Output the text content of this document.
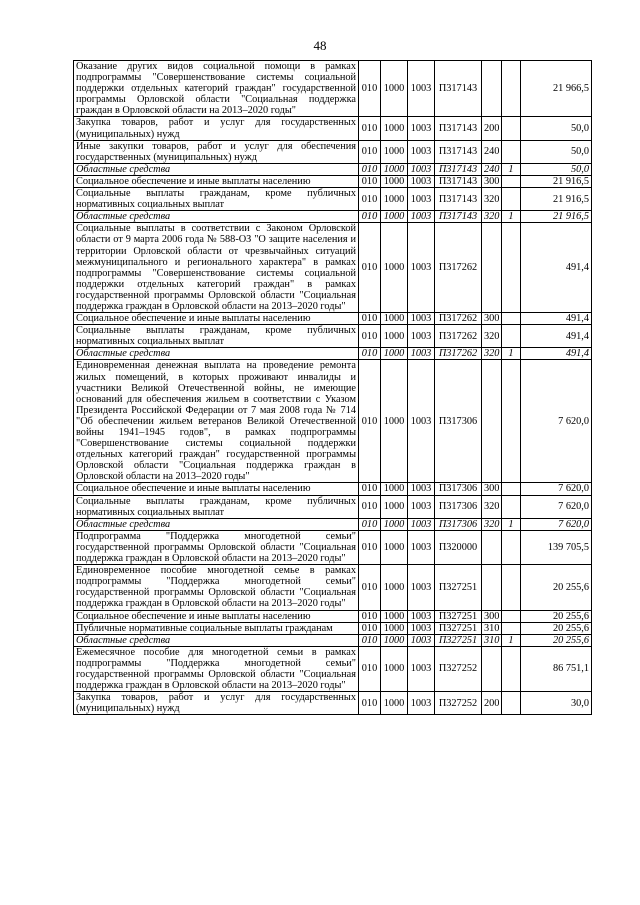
48
Оказание других видов социальной помощи в рамках подпрограммы "Совершенствование системы социальной поддержки отдельных категорий граждан" государственной программы Орловской области "Социальная поддержка граждан в Орловской области на 2013–2020 годы"	010	1000	1003	П317143			21 966,5
Закупка товаров, работ и услуг для государственных (муниципальных) нужд	010	1000	1003	П317143	200		50,0
Иные закупки товаров, работ и услуг для обеспечения государственных (муниципальных) нужд	010	1000	1003	П317143	240		50,0
Областные средства	010	1000	1003	П317143	240	1	50,0
Социальное обеспечение и иные выплаты населению	010	1000	1003	П317143	300		21 916,5
Социальные выплаты гражданам, кроме публичных нормативных социальных выплат	010	1000	1003	П317143	320		21 916,5
Областные средства	010	1000	1003	П317143	320	1	21 916,5
Социальные выплаты в соответствии с Законом Орловской области от 9 марта 2006 года № 588-ОЗ "О защите населения и территории Орловской области от чрезвычайных ситуаций межмуниципального и регионального характера" в рамках подпрограммы "Совершенствование системы социальной поддержки отдельных категорий граждан" в рамках государственной программы Орловской области "Социальная поддержка граждан в Орловской области на 2013–2020 годы"	010	1000	1003	П317262			491,4
Социальное обеспечение и иные выплаты населению	010	1000	1003	П317262	300		491,4
Социальные выплаты гражданам, кроме публичных нормативных социальных выплат	010	1000	1003	П317262	320		491,4
Областные средства	010	1000	1003	П317262	320	1	491,4
Единовременная денежная выплата на проведение ремонта жилых помещений, в которых проживают инвалиды и участники Великой Отечественной войны, не имеющие оснований для обеспечения жильем в соответствии с Указом Президента Российской Федерации от 7 мая 2008 года № 714 "Об обеспечении жильем ветеранов Великой Отечественной войны 1941–1945 годов", в рамках подпрограммы "Совершенствование системы социальной поддержки отдельных категорий граждан" государственной программы Орловской области "Социальная поддержка граждан в Орловской области на 2013–2020 годы"	010	1000	1003	П317306			7 620,0
Социальное обеспечение и иные выплаты населению	010	1000	1003	П317306	300		7 620,0
Социальные выплаты гражданам, кроме публичных нормативных социальных выплат	010	1000	1003	П317306	320		7 620,0
Областные средства	010	1000	1003	П317306	320	1	7 620,0
Подпрограмма "Поддержка многодетной семьи" государственной программы Орловской области "Социальная поддержка граждан в Орловской области на 2013–2020 годы"	010	1000	1003	П320000			139 705,5
Единовременное пособие многодетной семье в рамках подпрограммы "Поддержка многодетной семьи" государственной программы Орловской области "Социальная поддержка граждан в Орловской области на 2013–2020 годы"	010	1000	1003	П327251			20 255,6
Социальное обеспечение и иные выплаты населению	010	1000	1003	П327251	300		20 255,6
Публичные нормативные социальные выплаты гражданам	010	1000	1003	П327251	310		20 255,6
Областные средства	010	1000	1003	П327251	310	1	20 255,6
Ежемесячное пособие для многодетной семьи в рамках подпрограммы "Поддержка многодетной семьи" государственной программы Орловской области "Социальная поддержка граждан в Орловской области на 2013–2020 годы"	010	1000	1003	П327252			86 751,1
Закупка товаров, работ и услуг для государственных (муниципальных) нужд	010	1000	1003	П327252	200		30,0
